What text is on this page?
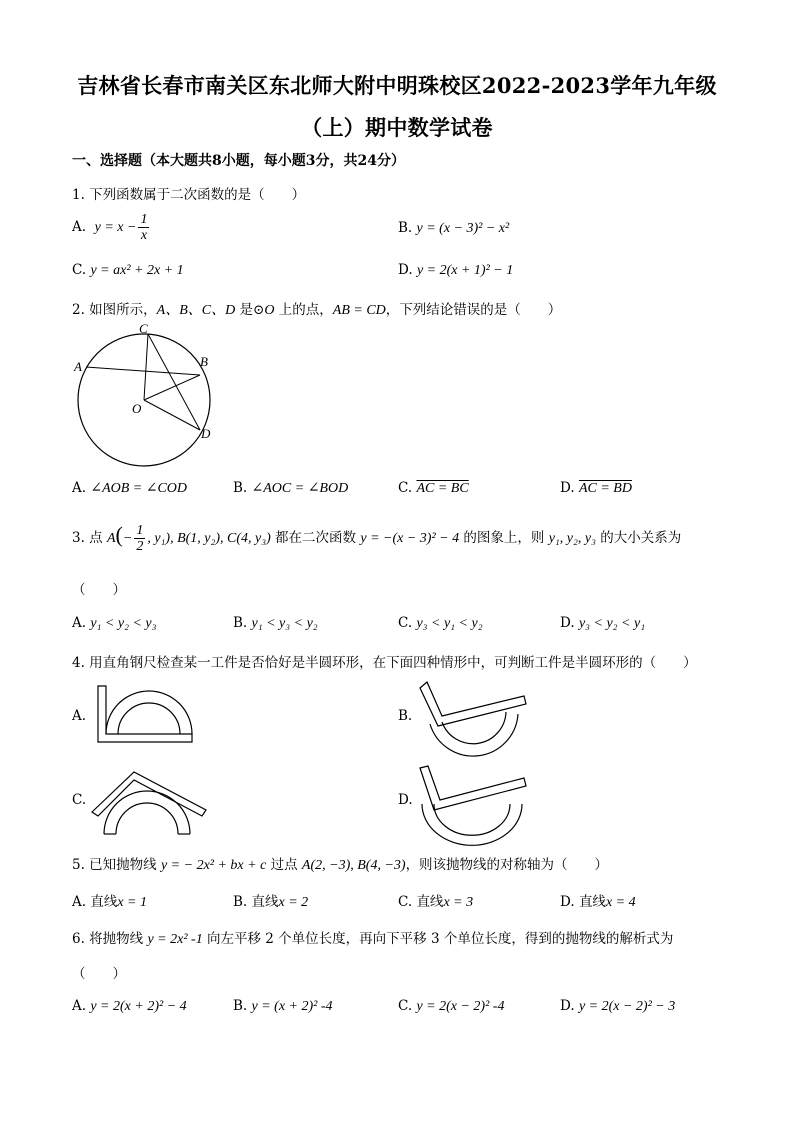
吉林省长春市南关区东北师大附中明珠校区2022-2023学年九年级
（上）期中数学试卷
一、选择题（本大题共8小题，每小题3分，共24分）
1. 下列函数属于二次函数的是（　　）
A. $y = x - \frac{1}{x}$	B. y = (x − 3)² − x²
C. y = ax² + 2x + 1	D. y = 2(x + 1)² − 1
2. 如图所示，A、B、C、D 是⊙O 上的点，AB = CD，下列结论错误的是（　　）
C
A	B
O
D
A. ∠AOB = ∠COD	B. ∠AOC = ∠BOD	C. AC = BC	D. AC = BD
3. 点 $A(- \frac{1}{2}$ , y₁), B(1, y₂), C(4, y₃) 都在二次函数 y = −(x − 3)² − 4 的图象上，则 y₁, y₂, y₃ 的大小关系为
（　　）
A. y₁ < y₂ < y₃	B. y₁ < y₃ < y₂	C. y₃ < y₁ < y₂	D. y₃ < y₂ < y₁
4. 用直角钢尺检查某一工件是否恰好是半圆环形，在下面四种情形中，可判断工件是半圆环形的（　　）
A.	B.
C.	D.
5. 已知抛物线 y = − 2x² + bx + c 过点 A(2, −3), B(4, −3)，则该抛物线的对称轴为（　　）
A. 直线x = 1	B. 直线x = 2	C. 直线x = 3	D. 直线x = 4
6. 将抛物线 y = 2x² -1 向左平移 2 个单位长度，再向下平移 3 个单位长度，得到的抛物线的解析式为
（　　）
A. y = 2(x + 2)² − 4	B. y = (x + 2)² -4	C. y = 2(x − 2)² -4	D. y = 2(x − 2)² − 3
